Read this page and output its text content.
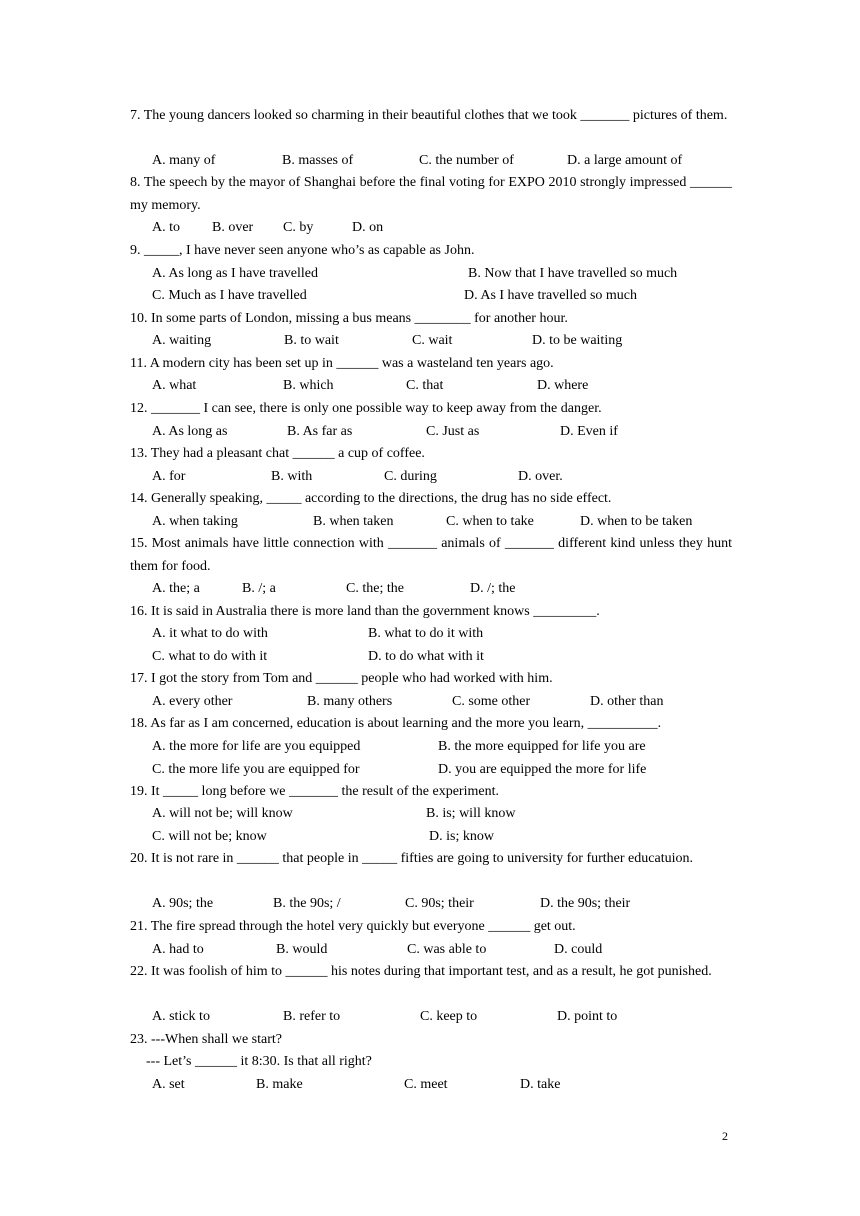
7. The young dancers looked so charming in their beautiful clothes that we took _______ pictures of them.
A. many of	B. masses of	C. the number of	D. a large amount of
8. The speech by the mayor of Shanghai before the final voting for EXPO 2010 strongly impressed ______ my memory.
A. to B. over C. by	D. on
9. _____, I have never seen anyone who’s as capable as John.
A. As long as I have travelled	B. Now that I have travelled so much
C. Much as I have travelled	D. As I have travelled so much
10. In some parts of London, missing a bus means ________ for another hour.
A. waiting	B. to wait	C. wait	D. to be waiting
11. A modern city has been set up in ______ was a wasteland ten years ago.
A. what	B. which	C. that	D. where
12. _______ I can see, there is only one possible way to keep away from the danger.
A. As long as	B. As far as	C. Just as	D. Even if
13. They had a pleasant chat ______ a cup of coffee.
A. for	B. with	C. during	D. over.
14. Generally speaking, _____ according to the directions, the drug has no side effect.
A. when taking	B. when taken	C. when to take	D. when to be taken
15. Most animals have little connection with _______ animals of _______ different kind unless they hunt them for food.
A. the; a	B. /; a	C. the; the	D. /; the
16. It is said in Australia there is more land than the government knows _________.
A. it what to do with	B. what to do it with
C. what to do with it	D. to do what with it
17. I got the story from Tom and ______ people who had worked with him.
A. every other	B. many others	C. some other	D. other than
18. As far as I am concerned, education is about learning and the more you learn, __________.
A. the more for life are you equipped	B. the more equipped for life you are
C. the more life you are equipped for	D. you are equipped the more for life
19. It _____ long before we _______ the result of the experiment.
A. will not be; will know	B. is; will know
C. will not be; know	D. is; know
20. It is not rare in ______ that people in _____ fifties are going to university for further educatuion.
A. 90s; the	B. the 90s; /	C. 90s; their	D. the 90s; their
21. The fire spread through the hotel very quickly but everyone ______ get out.
A. had to	B. would	C. was able to	D. could
22. It was foolish of him to ______ his notes during that important test, and as a result, he got punished.
A. stick to	B. refer to	C. keep to	D. point to
23. ---When shall we start?
--- Let’s ______ it 8:30. Is that all right?
A. set	B. make	C. meet	D. take
2
